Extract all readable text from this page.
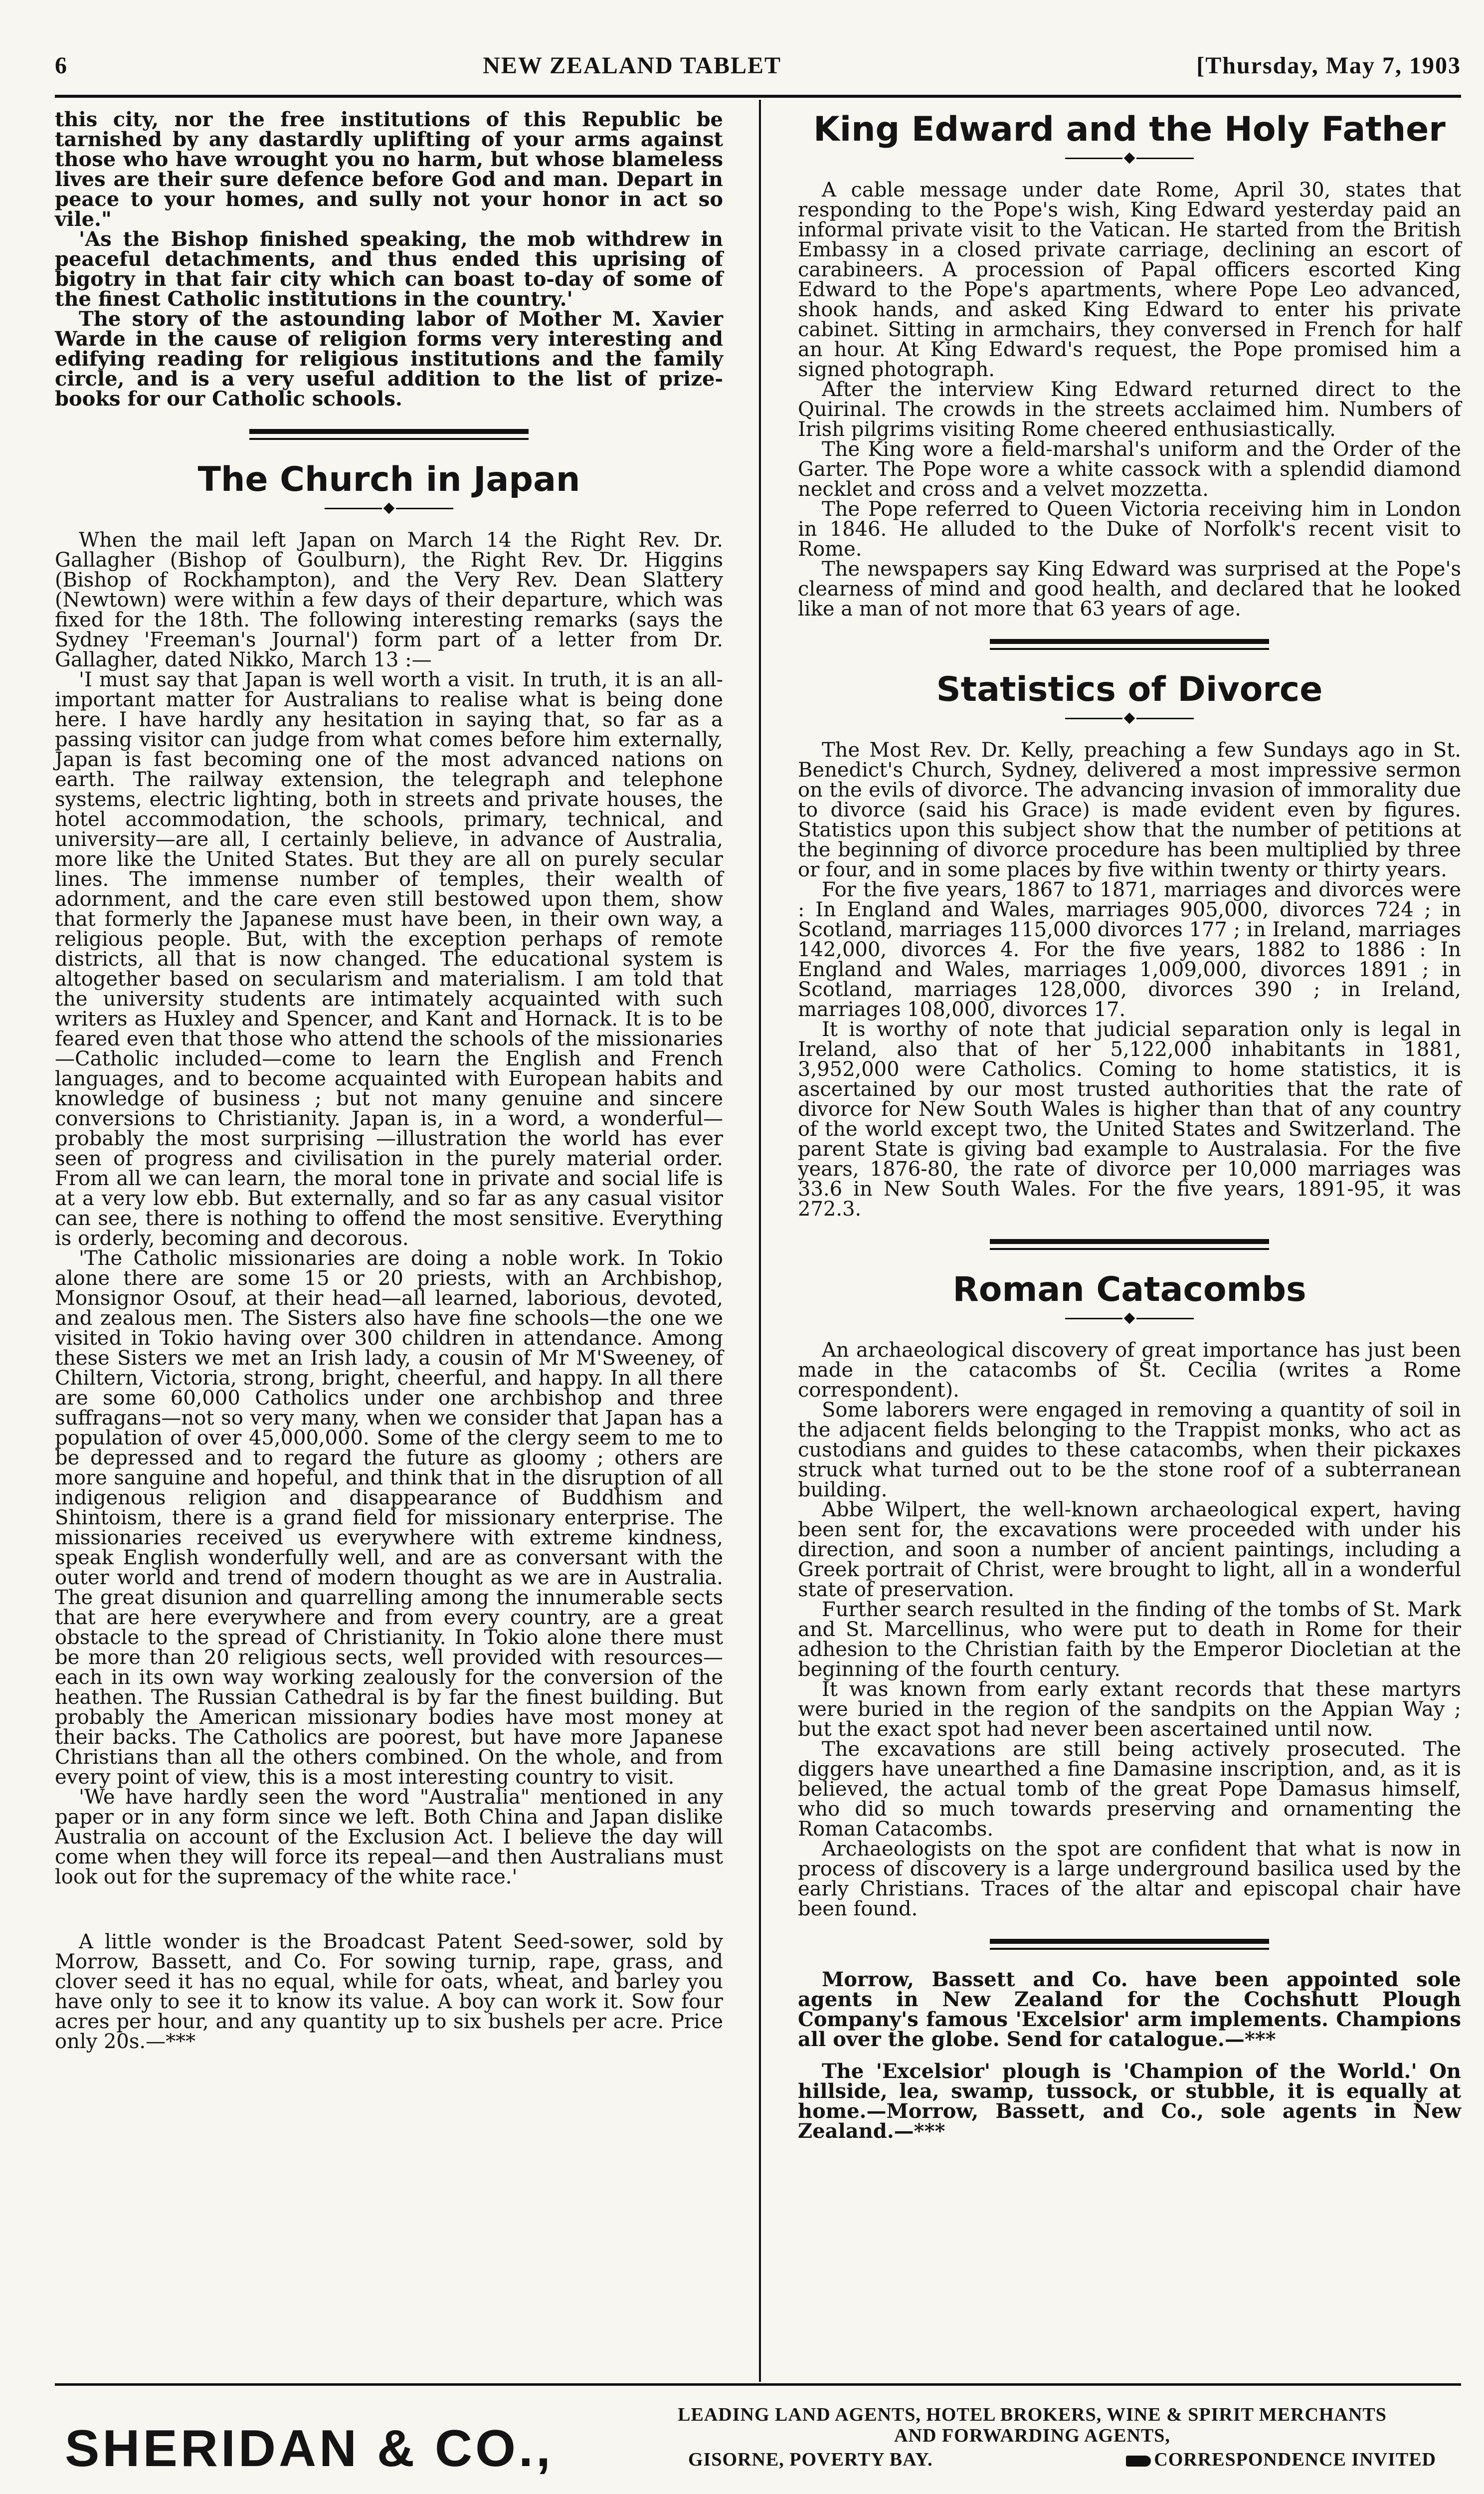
6	NEW ZEALAND TABLET	[Thursday, May 7, 1903

this city, nor the free institutions of this Republic be tarnished by any dastardly uplifting of your arms against those who have wrought you no harm, but whose blameless lives are their sure defence before God and man. Depart in peace to your homes, and sully not your honor in act so vile."

'As the Bishop finished speaking, the mob withdrew in peaceful detachments, and thus ended this uprising of bigotry in that fair city which can boast to-day of some of the finest Catholic institutions in the country.'

The story of the astounding labor of Mother M. Xavier Warde in the cause of religion forms very interesting and edifying reading for religious institutions and the family circle, and is a very useful addition to the list of prize-books for our Catholic schools.

The Church in Japan

When the mail left Japan on March 14 the Right Rev. Dr. Gallagher (Bishop of Goulburn), the Right Rev. Dr. Higgins (Bishop of Rockhampton), and the Very Rev. Dean Slattery (Newtown) were within a few days of their departure, which was fixed for the 18th. The following interesting remarks (says the Sydney 'Freeman's Journal') form part of a letter from Dr. Gallagher, dated Nikko, March 13 :—

'I must say that Japan is well worth a visit. In truth, it is an all-important matter for Australians to realise what is being done here. I have hardly any hesitation in saying that, so far as a passing visitor can judge from what comes before him externally, Japan is fast becoming one of the most advanced nations on earth. The railway extension, the telegraph and telephone systems, electric lighting, both in streets and private houses, the hotel accommodation, the schools, primary, technical, and university—are all, I certainly believe, in advance of Australia, more like the United States. But they are all on purely secular lines. The immense number of temples, their wealth of adornment, and the care even still bestowed upon them, show that formerly the Japanese must have been, in their own way, a religious people. But, with the exception perhaps of remote districts, all that is now changed. The educational system is altogether based on secularism and materialism. I am told that the university students are intimately acquainted with such writers as Huxley and Spencer, and Kant and Hornack. It is to be feared even that those who attend the schools of the missionaries—Catholic included—come to learn the English and French languages, and to become acquainted with European habits and knowledge of business ; but not many genuine and sincere conversions to Christianity. Japan is, in a word, a wonderful—probably the most surprising —illustration the world has ever seen of progress and civilisation in the purely material order. From all we can learn, the moral tone in private and social life is at a very low ebb. But externally, and so far as any casual visitor can see, there is nothing to offend the most sensitive. Everything is orderly, becoming and decorous.

'The Catholic missionaries are doing a noble work. In Tokio alone there are some 15 or 20 priests, with an Archbishop, Monsignor Osouf, at their head—all learned, laborious, devoted, and zealous men. The Sisters also have fine schools—the one we visited in Tokio having over 300 children in attendance. Among these Sisters we met an Irish lady, a cousin of Mr M'Sweeney, of Chiltern, Victoria, strong, bright, cheerful, and happy. In all there are some 60,000 Catholics under one archbishop and three suffragans—not so very many, when we consider that Japan has a population of over 45,000,000. Some of the clergy seem to me to be depressed and to regard the future as gloomy ; others are more sanguine and hopeful, and think that in the disruption of all indigenous religion and disappearance of Buddhism and Shintoism, there is a grand field for missionary enterprise. The missionaries received us everywhere with extreme kindness, speak English wonderfully well, and are as conversant with the outer world and trend of modern thought as we are in Australia. The great disunion and quarrelling among the innumerable sects that are here everywhere and from every country, are a great obstacle to the spread of Christianity. In Tokio alone there must be more than 20 religious sects, well provided with resources—each in its own way working zealously for the conversion of the heathen. The Russian Cathedral is by far the finest building. But probably the American missionary bodies have most money at their backs. The Catholics are poorest, but have more Japanese Christians than all the others combined. On the whole, and from every point of view, this is a most interesting country to visit.

'We have hardly seen the word "Australia" mentioned in any paper or in any form since we left. Both China and Japan dislike Australia on account of the Exclusion Act. I believe the day will come when they will force its repeal—and then Australians must look out for the supremacy of the white race.'

A little wonder is the Broadcast Patent Seed-sower, sold by Morrow, Bassett, and Co. For sowing turnip, rape, grass, and clover seed it has no equal, while for oats, wheat, and barley you have only to see it to know its value. A boy can work it. Sow four acres per hour, and any quantity up to six bushels per acre. Price only 20s.—***

King Edward and the Holy Father

A cable message under date Rome, April 30, states that responding to the Pope's wish, King Edward yesterday paid an informal private visit to the Vatican. He started from the British Embassy in a closed private carriage, declining an escort of carabineers. A procession of Papal officers escorted King Edward to the Pope's apartments, where Pope Leo advanced, shook hands, and asked King Edward to enter his private cabinet. Sitting in armchairs, they conversed in French for half an hour. At King Edward's request, the Pope promised him a signed photograph.

After the interview King Edward returned direct to the Quirinal. The crowds in the streets acclaimed him. Numbers of Irish pilgrims visiting Rome cheered enthusiastically.

The King wore a field-marshal's uniform and the Order of the Garter. The Pope wore a white cassock with a splendid diamond necklet and cross and a velvet mozzetta.

The Pope referred to Queen Victoria receiving him in London in 1846. He alluded to the Duke of Norfolk's recent visit to Rome.

The newspapers say King Edward was surprised at the Pope's clearness of mind and good health, and declared that he looked like a man of not more that 63 years of age.

Statistics of Divorce

The Most Rev. Dr. Kelly, preaching a few Sundays ago in St. Benedict's Church, Sydney, delivered a most impressive sermon on the evils of divorce. The advancing invasion of immorality due to divorce (said his Grace) is made evident even by figures. Statistics upon this subject show that the number of petitions at the beginning of divorce procedure has been multiplied by three or four, and in some places by five within twenty or thirty years.

For the five years, 1867 to 1871, marriages and divorces were : In England and Wales, marriages 905,000, divorces 724 ; in Scotland, marriages 115,000 divorces 177 ; in Ireland, marriages 142,000, divorces 4. For the five years, 1882 to 1886 : In England and Wales, marriages 1,009,000, divorces 1891 ; in Scotland, marriages 128,000, divorces 390 ; in Ireland, marriages 108,000, divorces 17.

It is worthy of note that judicial separation only is legal in Ireland, also that of her 5,122,000 inhabitants in 1881, 3,952,000 were Catholics. Coming to home statistics, it is ascertained by our most trusted authorities that the rate of divorce for New South Wales is higher than that of any country of the world except two, the United States and Switzerland. The parent State is giving bad example to Australasia. For the five years, 1876-80, the rate of divorce per 10,000 marriages was 33.6 in New South Wales. For the five years, 1891-95, it was 272.3.

Roman Catacombs

An archaeological discovery of great importance has just been made in the catacombs of St. Cecilia (writes a Rome correspondent).

Some laborers were engaged in removing a quantity of soil in the adjacent fields belonging to the Trappist monks, who act as custodians and guides to these catacombs, when their pickaxes struck what turned out to be the stone roof of a subterranean building.

Abbe Wilpert, the well-known archaeological expert, having been sent for, the excavations were proceeded with under his direction, and soon a number of ancient paintings, including a Greek portrait of Christ, were brought to light, all in a wonderful state of preservation.

Further search resulted in the finding of the tombs of St. Mark and St. Marcellinus, who were put to death in Rome for their adhesion to the Christian faith by the Emperor Diocletian at the beginning of the fourth century.

It was known from early extant records that these martyrs were buried in the region of the sandpits on the Appian Way ; but the exact spot had never been ascertained until now.

The excavations are still being actively prosecuted. The diggers have unearthed a fine Damasine inscription, and, as it is believed, the actual tomb of the great Pope Damasus himself, who did so much towards preserving and ornamenting the Roman Catacombs.

Archaeologists on the spot are confident that what is now in process of discovery is a large underground basilica used by the early Christians. Traces of the altar and episcopal chair have been found.

Morrow, Bassett and Co. have been appointed sole agents in New Zealand for the Cochshutt Plough Company's famous 'Excelsior' arm implements. Champions all over the globe. Send for catalogue.—***

The 'Excelsior' plough is 'Champion of the World.' On hillside, lea, swamp, tussock, or stubble, it is equally at home.—Morrow, Bassett, and Co., sole agents in New Zealand.—***

SHERIDAN & CO.,
LEADING LAND AGENTS, HOTEL BROKERS, WINE & SPIRIT MERCHANTS
AND FORWARDING AGENTS,
GISORNE, POVERTY BAY.	CORRESPONDENCE INVITED
